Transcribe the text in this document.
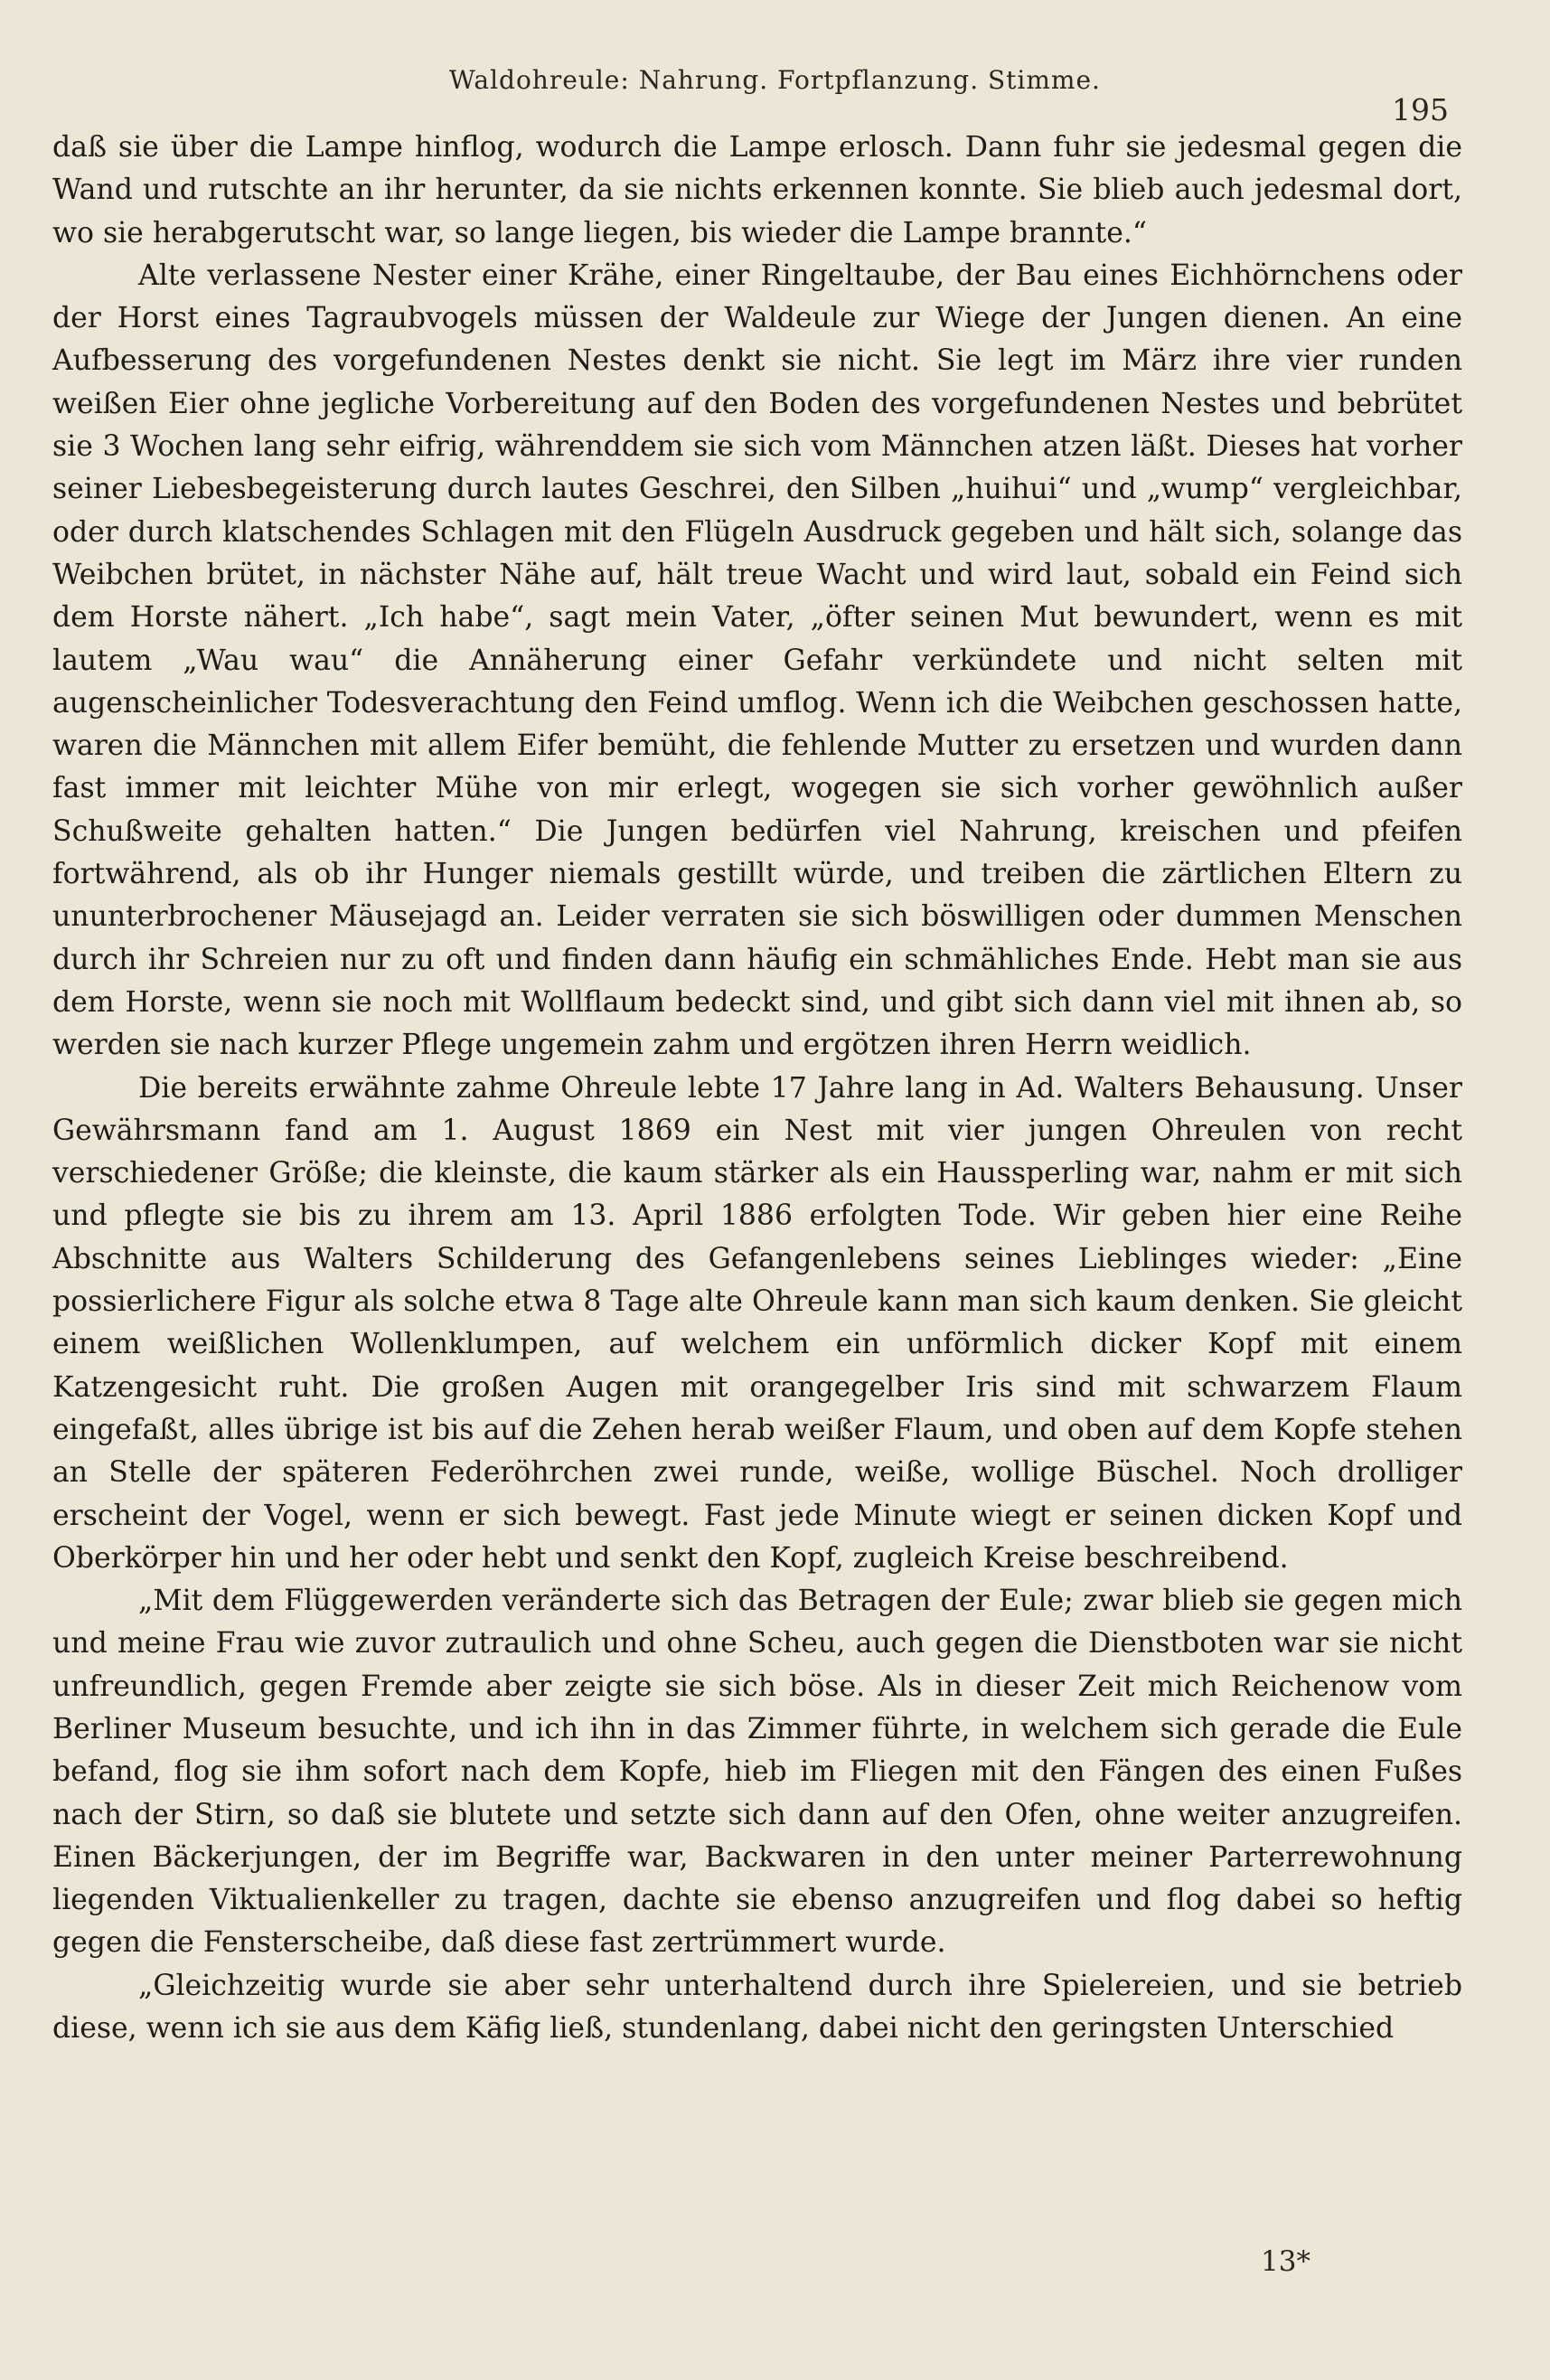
Waldohreule: Nahrung. Fortpflanzung. Stimme.
195

daß sie über die Lampe hinflog, wodurch die Lampe erlosch. Dann fuhr sie jedesmal gegen die Wand und rutschte an ihr herunter, da sie nichts erkennen konnte. Sie blieb auch jedesmal dort, wo sie herabgerutscht war, so lange liegen, bis wieder die Lampe brannte.“

Alte verlassene Nester einer Krähe, einer Ringeltaube, der Bau eines Eichhörnchens oder der Horst eines Tagraubvogels müssen der Waldeule zur Wiege der Jungen dienen. An eine Aufbesserung des vorgefundenen Nestes denkt sie nicht. Sie legt im März ihre vier runden weißen Eier ohne jegliche Vorbereitung auf den Boden des vorgefundenen Nestes und bebrütet sie 3 Wochen lang sehr eifrig, währenddem sie sich vom Männchen atzen läßt. Dieses hat vorher seiner Liebesbegeisterung durch lautes Geschrei, den Silben „huihui“ und „wump“ vergleichbar, oder durch klatschendes Schlagen mit den Flügeln Ausdruck gegeben und hält sich, solange das Weibchen brütet, in nächster Nähe auf, hält treue Wacht und wird laut, sobald ein Feind sich dem Horste nähert. „Ich habe“, sagt mein Vater, „öfter seinen Mut bewundert, wenn es mit lautem „Wau wau“ die Annäherung einer Gefahr verkündete und nicht selten mit augenscheinlicher Todesverachtung den Feind umflog. Wenn ich die Weibchen geschossen hatte, waren die Männchen mit allem Eifer bemüht, die fehlende Mutter zu ersetzen und wurden dann fast immer mit leichter Mühe von mir erlegt, wogegen sie sich vorher gewöhnlich außer Schußweite gehalten hatten.“ Die Jungen bedürfen viel Nahrung, kreischen und pfeifen fortwährend, als ob ihr Hunger niemals gestillt würde, und treiben die zärtlichen Eltern zu ununterbrochener Mäusejagd an. Leider verraten sie sich böswilligen oder dummen Menschen durch ihr Schreien nur zu oft und finden dann häufig ein schmähliches Ende. Hebt man sie aus dem Horste, wenn sie noch mit Wollflaum bedeckt sind, und gibt sich dann viel mit ihnen ab, so werden sie nach kurzer Pflege ungemein zahm und ergötzen ihren Herrn weidlich.

Die bereits erwähnte zahme Ohreule lebte 17 Jahre lang in Ad. Walters Behausung. Unser Gewährsmann fand am 1. August 1869 ein Nest mit vier jungen Ohreulen von recht verschiedener Größe; die kleinste, die kaum stärker als ein Haussperling war, nahm er mit sich und pflegte sie bis zu ihrem am 13. April 1886 erfolgten Tode. Wir geben hier eine Reihe Abschnitte aus Walters Schilderung des Gefangenlebens seines Lieblinges wieder: „Eine possierlichere Figur als solche etwa 8 Tage alte Ohreule kann man sich kaum denken. Sie gleicht einem weißlichen Wollenklumpen, auf welchem ein unförmlich dicker Kopf mit einem Katzengesicht ruht. Die großen Augen mit orangegelber Iris sind mit schwarzem Flaum eingefaßt, alles übrige ist bis auf die Zehen herab weißer Flaum, und oben auf dem Kopfe stehen an Stelle der späteren Federöhrchen zwei runde, weiße, wollige Büschel. Noch drolliger erscheint der Vogel, wenn er sich bewegt. Fast jede Minute wiegt er seinen dicken Kopf und Oberkörper hin und her oder hebt und senkt den Kopf, zugleich Kreise beschreibend.

„Mit dem Flüggewerden veränderte sich das Betragen der Eule; zwar blieb sie gegen mich und meine Frau wie zuvor zutraulich und ohne Scheu, auch gegen die Dienstboten war sie nicht unfreundlich, gegen Fremde aber zeigte sie sich böse. Als in dieser Zeit mich Reichenow vom Berliner Museum besuchte, und ich ihn in das Zimmer führte, in welchem sich gerade die Eule befand, flog sie ihm sofort nach dem Kopfe, hieb im Fliegen mit den Fängen des einen Fußes nach der Stirn, so daß sie blutete und setzte sich dann auf den Ofen, ohne weiter anzugreifen. Einen Bäckerjungen, der im Begriffe war, Backwaren in den unter meiner Parterrewohnung liegenden Viktualienkeller zu tragen, dachte sie ebenso anzugreifen und flog dabei so heftig gegen die Fensterscheibe, daß diese fast zertrümmert wurde.

„Gleichzeitig wurde sie aber sehr unterhaltend durch ihre Spielereien, und sie betrieb diese, wenn ich sie aus dem Käfig ließ, stundenlang, dabei nicht den geringsten Unterschied

13*
